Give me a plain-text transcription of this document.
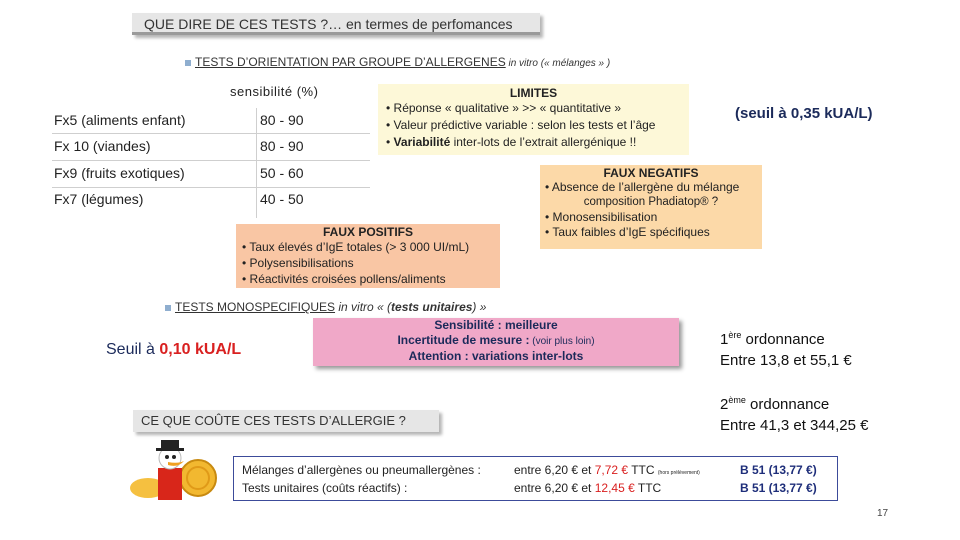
QUE DIRE DE CES TESTS ?… en termes de perfomances
TESTS D’ORIENTATION PAR GROUPE D’ALLERGENES in vitro (« mélanges » )
sensibilité (%)
Fx5 (aliments enfant)	80 - 90
Fx 10 (viandes)	80 - 90
Fx9 (fruits exotiques)	50 - 60
Fx7 (légumes)	40 - 50
LIMITES
• Réponse « qualitative » >> « quantitative »
• Valeur prédictive variable : selon les tests et l’âge
• Variabilité inter-lots de l’extrait allergénique !!
(seuil à 0,35 kUA/L)
FAUX NEGATIFS
• Absence de l’allergène du mélange
composition Phadiatop® ?
• Monosensibilisation
• Taux faibles d’IgE spécifiques
FAUX POSITIFS
• Taux élevés d’IgE totales (> 3 000 UI/mL)
• Polysensibilisations
• Réactivités croisées pollens/aliments
TESTS MONOSPECIFIQUES in vitro « (tests unitaires) »
Seuil à 0,10 kUA/L
Sensibilité : meilleure
Incertitude de mesure : (voir plus loin)
Attention : variations inter-lots
1ère ordonnance
Entre 13,8 et 55,1 €
2ème ordonnance
Entre 41,3 et 344,25 €
CE QUE COÛTE CES TESTS D’ALLERGIE ?
Mélanges d’allergènes ou pneumallergènes :	entre 6,20 € et 7,72 € TTC (hors prélèvement)	B 51 (13,77 €)
Tests unitaires (coûts réactifs) :	entre 6,20 € et 12,45 € TTC	B 51 (13,77 €)
17
